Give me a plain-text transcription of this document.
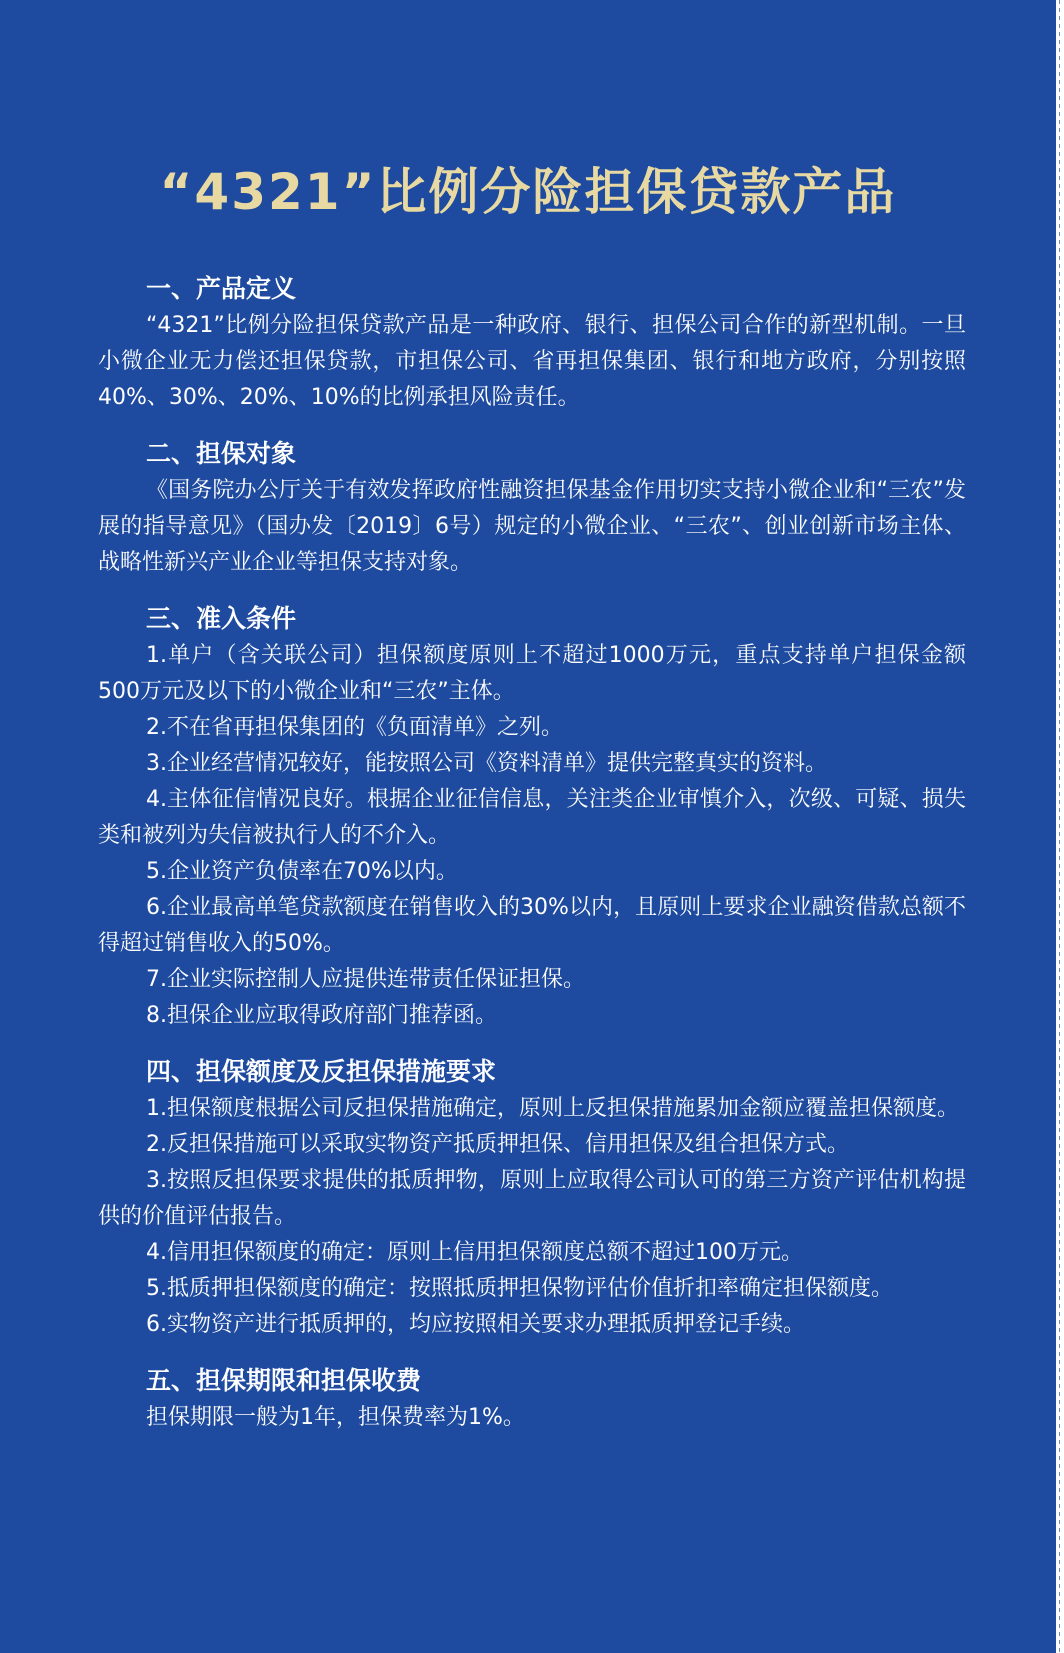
“4321”比例分险担保贷款产品
一、产品定义

“4321”比例分险担保贷款产品是一种政府、银行、担保公司合作的新型机制。一旦小微企业无力偿还担保贷款，市担保公司、省再担保集团、银行和地方政府，分别按照40%、30%、20%、10%的比例承担风险责任。

二、担保对象

《国务院办公厅关于有效发挥政府性融资担保基金作用切实支持小微企业和“三农”发展的指导意见》（国办发〔2019〕6号）规定的小微企业、“三农”、创业创新市场主体、战略性新兴产业企业等担保支持对象。

三、准入条件

1.单户（含关联公司）担保额度原则上不超过1000万元，重点支持单户担保金额500万元及以下的小微企业和“三农”主体。

2.不在省再担保集团的《负面清单》之列。

3.企业经营情况较好，能按照公司《资料清单》提供完整真实的资料。

4.主体征信情况良好。根据企业征信信息，关注类企业审慎介入，次级、可疑、损失类和被列为失信被执行人的不介入。

5.企业资产负债率在70%以内。

6.企业最高单笔贷款额度在销售收入的30%以内，且原则上要求企业融资借款总额不得超过销售收入的50%。

7.企业实际控制人应提供连带责任保证担保。

8.担保企业应取得政府部门推荐函。

四、担保额度及反担保措施要求

1.担保额度根据公司反担保措施确定，原则上反担保措施累加金额应覆盖担保额度。

2.反担保措施可以采取实物资产抵质押担保、信用担保及组合担保方式。

3.按照反担保要求提供的抵质押物，原则上应取得公司认可的第三方资产评估机构提供的价值评估报告。

4.信用担保额度的确定：原则上信用担保额度总额不超过100万元。

5.抵质押担保额度的确定：按照抵质押担保物评估价值折扣率确定担保额度。

6.实物资产进行抵质押的，均应按照相关要求办理抵质押登记手续。

五、担保期限和担保收费

担保期限一般为1年，担保费率为1%。
